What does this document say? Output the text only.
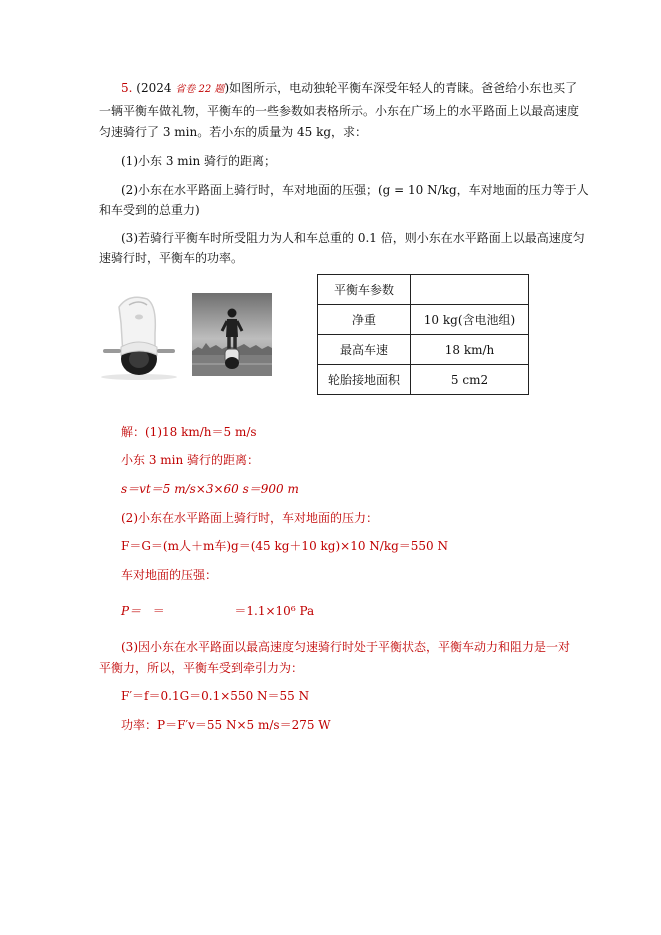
5. (2024 省卷 22 题)如图所示，电动独轮平衡车深受年轻人的青睐。爸爸给小东也买了
一辆平衡车做礼物，平衡车的一些参数如表格所示。小东在广场上的水平路面上以最高速度
匀速骑行了 3 min。若小东的质量为 45 kg，求：
(1)小东 3 min 骑行的距离；
(2)小东在水平路面上骑行时，车对地面的压强；(g = 10 N/kg，车对地面的压力等于人
和车受到的总重力)
(3)若骑行平衡车时所受阻力为人和车总重的 0.1 倍，则小东在水平路面上以最高速度匀
速骑行时，平衡车的功率。
平衡车参数	
净重	10 kg(含电池组)
最高车速	18 km/h
轮胎接地面积	5 cm2
解：(1)18 km/h＝5 m/s
小东 3 min 骑行的距离：
s＝vt＝5 m/s×3×60 s＝900 m
(2)小东在水平路面上骑行时，车对地面的压力：
F＝G＝(m人＋m车)g＝(45 kg＋10 kg)×10 N/kg＝550 N
车对地面的压强：
P＝ ＝	＝1.1×10⁶ Pa
(3)因小东在水平路面以最高速度匀速骑行时处于平衡状态，平衡车动力和阻力是一对
平衡力，所以，平衡车受到牵引力为：
F′＝f＝0.1G＝0.1×550 N＝55 N
功率：P＝F′v＝55 N×5 m/s＝275 W
